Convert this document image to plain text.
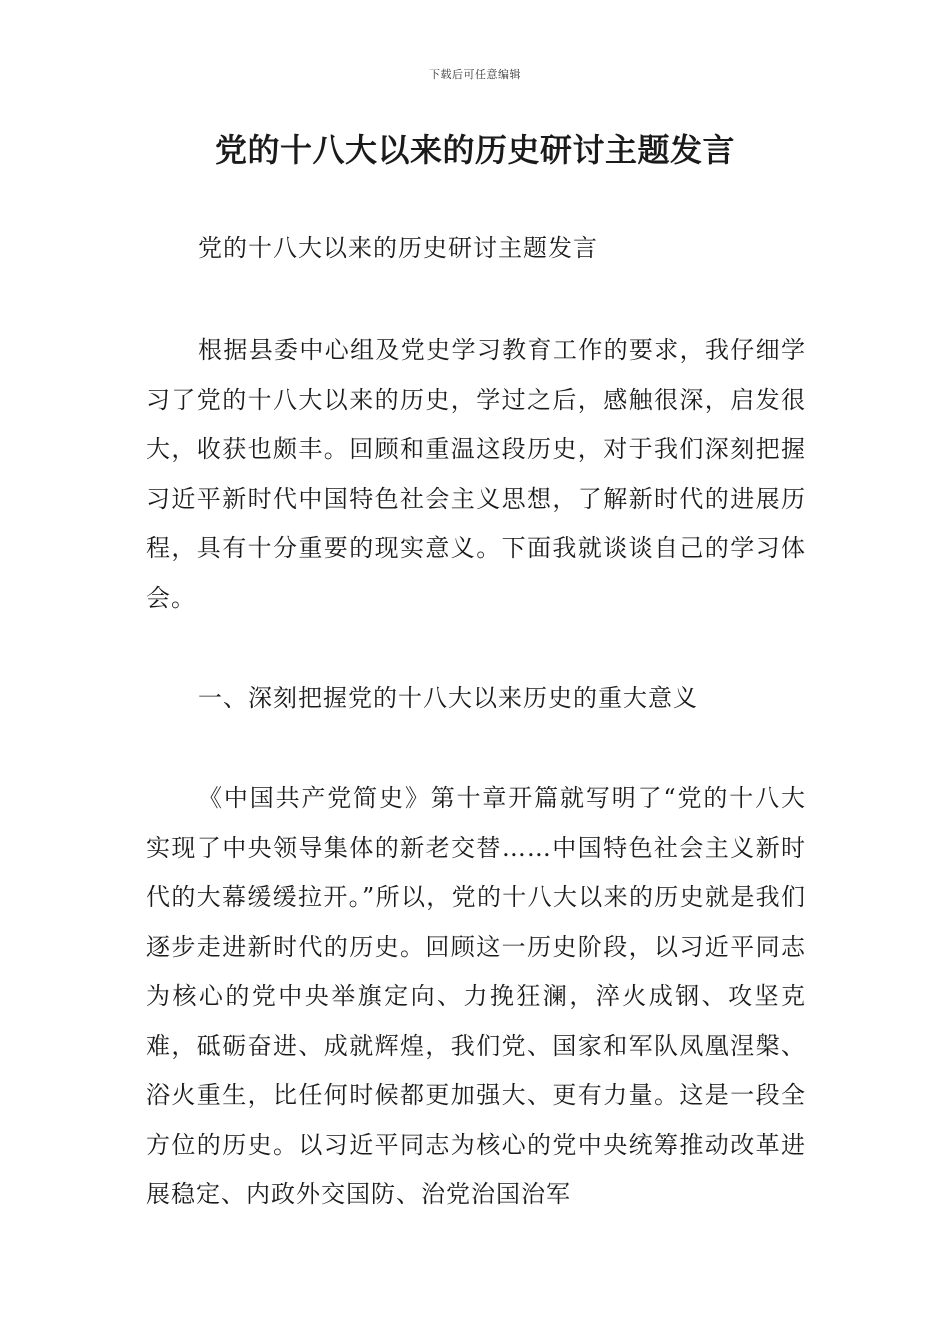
下载后可任意编辑
党的十八大以来的历史研讨主题发言

党的十八大以来的历史研讨主题发言

根据县委中心组及党史学习教育工作的要求，我仔细学习了党的十八大以来的历史，学过之后，感触很深，启发很大，收获也颇丰。回顾和重温这段历史，对于我们深刻把握习近平新时代中国特色社会主义思想，了解新时代的进展历程，具有十分重要的现实意义。下面我就谈谈自己的学习体会。

一、深刻把握党的十八大以来历史的重大意义

《中国共产党简史》第十章开篇就写明了“党的十八大实现了中央领导集体的新老交替……中国特色社会主义新时代的大幕缓缓拉开。”所以，党的十八大以来的历史就是我们逐步走进新时代的历史。回顾这一历史阶段，以习近平同志为核心的党中央举旗定向、力挽狂澜，淬火成钢、攻坚克难，砥砺奋进、成就辉煌，我们党、国家和军队凤凰涅槃、浴火重生，比任何时候都更加强大、更有力量。这是一段全方位的历史。以习近平同志为核心的党中央统筹推动改革进展稳定、内政外交国防、治党治国治军
